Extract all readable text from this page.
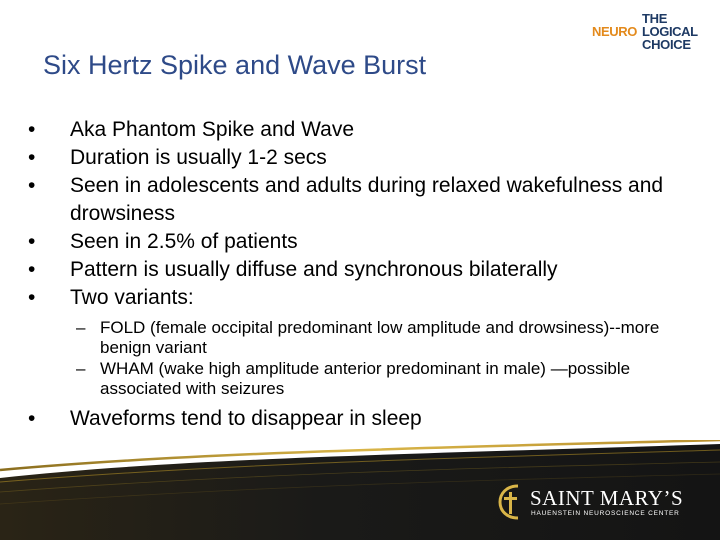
THE
NEURO LOGICAL
CHOICE
Six Hertz Spike and Wave Burst
•	Aka Phantom Spike and Wave
•	Duration is usually 1-2 secs
•	Seen in adolescents and adults during relaxed wakefulness and drowsiness
•	Seen in 2.5% of patients
•	Pattern is usually diffuse and synchronous bilaterally
•	Two variants:
– FOLD (female occipital predominant low amplitude and drowsiness)--more benign variant
– WHAM (wake high amplitude anterior predominant in male) —possible associated with seizures
•	Waveforms tend to disappear in sleep
SAINT MARY’S
HAUENSTEIN NEUROSCIENCE CENTER
